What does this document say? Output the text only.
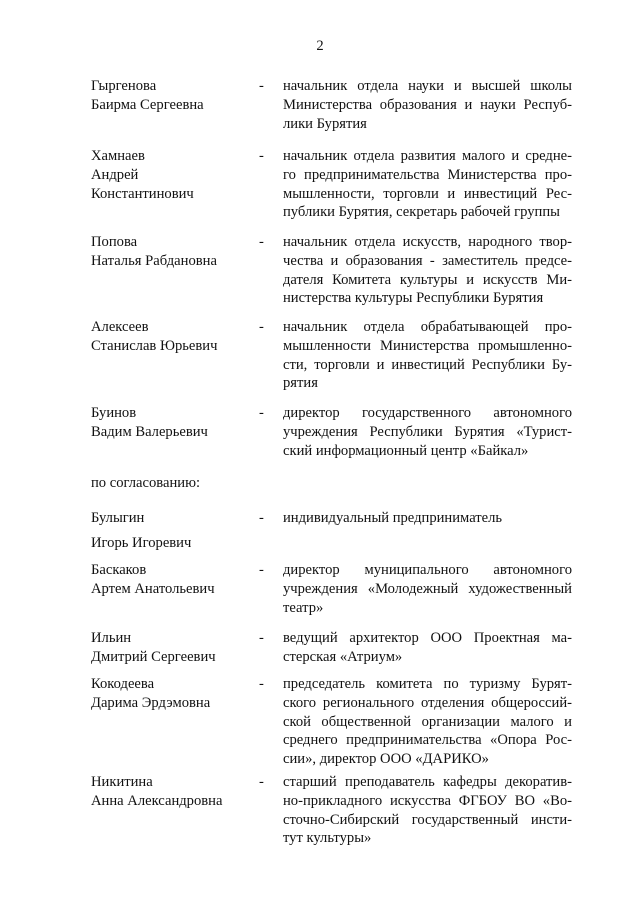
2
Гыргенова
Баирма Сергеевна
- начальник отдела науки и высшей школы
Министерства образования и науки Респуб-
лики Бурятия
Хамнаев
Андрей
Константинович
- начальник отдела развития малого и средне-
го предпринимательства Министерства про-
мышленности, торговли и инвестиций Рес-
публики Бурятия, секретарь рабочей группы
Попова
Наталья Рабдановна
- начальник отдела искусств, народного твор-
чества и образования - заместитель предсе-
дателя Комитета культуры и искусств Ми-
нистерства культуры Республики Бурятия
Алексеев
Станислав Юрьевич
- начальник отдела обрабатывающей про-
мышленности Министерства промышленно-
сти, торговли и инвестиций Республики Бу-
рятия
Буинов
Вадим Валерьевич
- директор государственного автономного
учреждения Республики Бурятия «Турист-
ский информационный центр «Байкал»
по согласованию:
Булыгин
Игорь Игоревич
- индивидуальный предприниматель
Баскаков
Артем Анатольевич
- директор муниципального автономного
учреждения «Молодежный художественный
театр»
Ильин
Дмитрий Сергеевич
- ведущий архитектор ООО Проектная ма-
стерская «Атриум»
Кокодеева
Дарима Эрдэмовна
- председатель комитета по туризму Бурят-
ского регионального отделения общероссий-
ской общественной организации малого и
среднего предпринимательства «Опора Рос-
сии», директор ООО «ДАРИКО»
Никитина
Анна Александровна
- старший преподаватель кафедры декоратив-
но-прикладного искусства ФГБОУ ВО «Во-
сточно-Сибирский государственный инсти-
тут культуры»
